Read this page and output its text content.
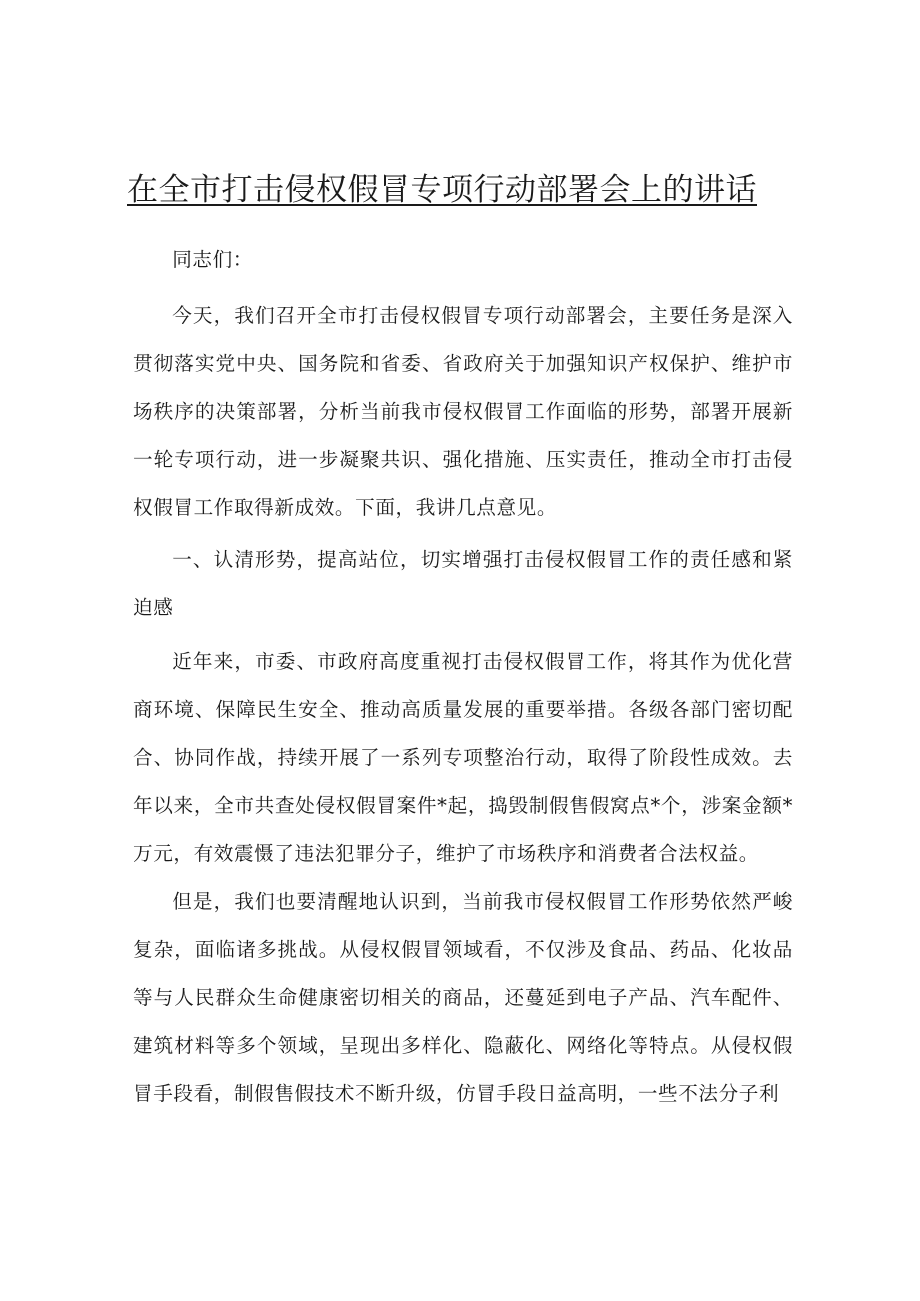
在全市打击侵权假冒专项行动部署会上的讲话

同志们：

今天，我们召开全市打击侵权假冒专项行动部署会，主要任务是深入贯彻落实党中央、国务院和省委、省政府关于加强知识产权保护、维护市场秩序的决策部署，分析当前我市侵权假冒工作面临的形势，部署开展新一轮专项行动，进一步凝聚共识、强化措施、压实责任，推动全市打击侵权假冒工作取得新成效。下面，我讲几点意见。

一、认清形势，提高站位，切实增强打击侵权假冒工作的责任感和紧迫感

近年来，市委、市政府高度重视打击侵权假冒工作，将其作为优化营商环境、保障民生安全、推动高质量发展的重要举措。各级各部门密切配合、协同作战，持续开展了一系列专项整治行动，取得了阶段性成效。去年以来，全市共查处侵权假冒案件*起，捣毁制假售假窝点*个，涉案金额*万元，有效震慑了违法犯罪分子，维护了市场秩序和消费者合法权益。

但是，我们也要清醒地认识到，当前我市侵权假冒工作形势依然严峻复杂，面临诸多挑战。从侵权假冒领域看，不仅涉及食品、药品、化妆品等与人民群众生命健康密切相关的商品，还蔓延到电子产品、汽车配件、建筑材料等多个领域，呈现出多样化、隐蔽化、网络化等特点。从侵权假冒手段看，制假售假技术不断升级，仿冒手段日益高明，一些不法分子利
